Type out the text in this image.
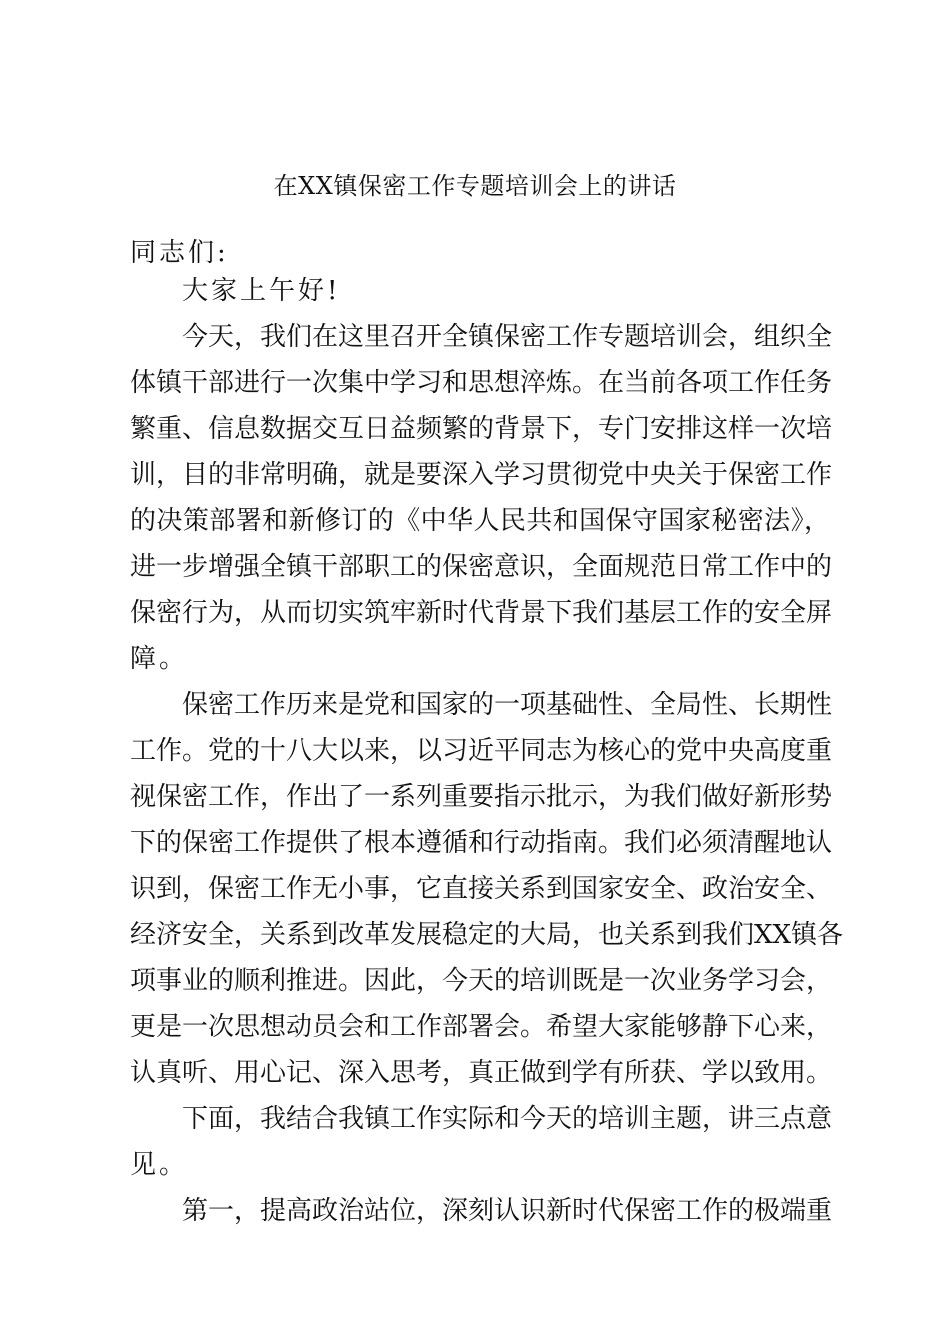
在XX镇保密工作专题培训会上的讲话
同志们:
大家上午好!
今天，我们在这里召开全镇保密工作专题培训会，组织全
体镇干部进行一次集中学习和思想淬炼。在当前各项工作任务
繁重、信息数据交互日益频繁的背景下，专门安排这样一次培
训，目的非常明确，就是要深入学习贯彻党中央关于保密工作
的决策部署和新修订的《中华人民共和国保守国家秘密法》，
进一步增强全镇干部职工的保密意识，全面规范日常工作中的
保密行为，从而切实筑牢新时代背景下我们基层工作的安全屏
障。
保密工作历来是党和国家的一项基础性、全局性、长期性
工作。党的十八大以来，以习近平同志为核心的党中央高度重
视保密工作，作出了一系列重要指示批示，为我们做好新形势
下的保密工作提供了根本遵循和行动指南。我们必须清醒地认
识到，保密工作无小事，它直接关系到国家安全、政治安全、
经济安全，关系到改革发展稳定的大局，也关系到我们XX镇各
项事业的顺利推进。因此，今天的培训既是一次业务学习会，
更是一次思想动员会和工作部署会。希望大家能够静下心来，
认真听、用心记、深入思考，真正做到学有所获、学以致用。
下面，我结合我镇工作实际和今天的培训主题，讲三点意
见。
第一，提高政治站位，深刻认识新时代保密工作的极端重
